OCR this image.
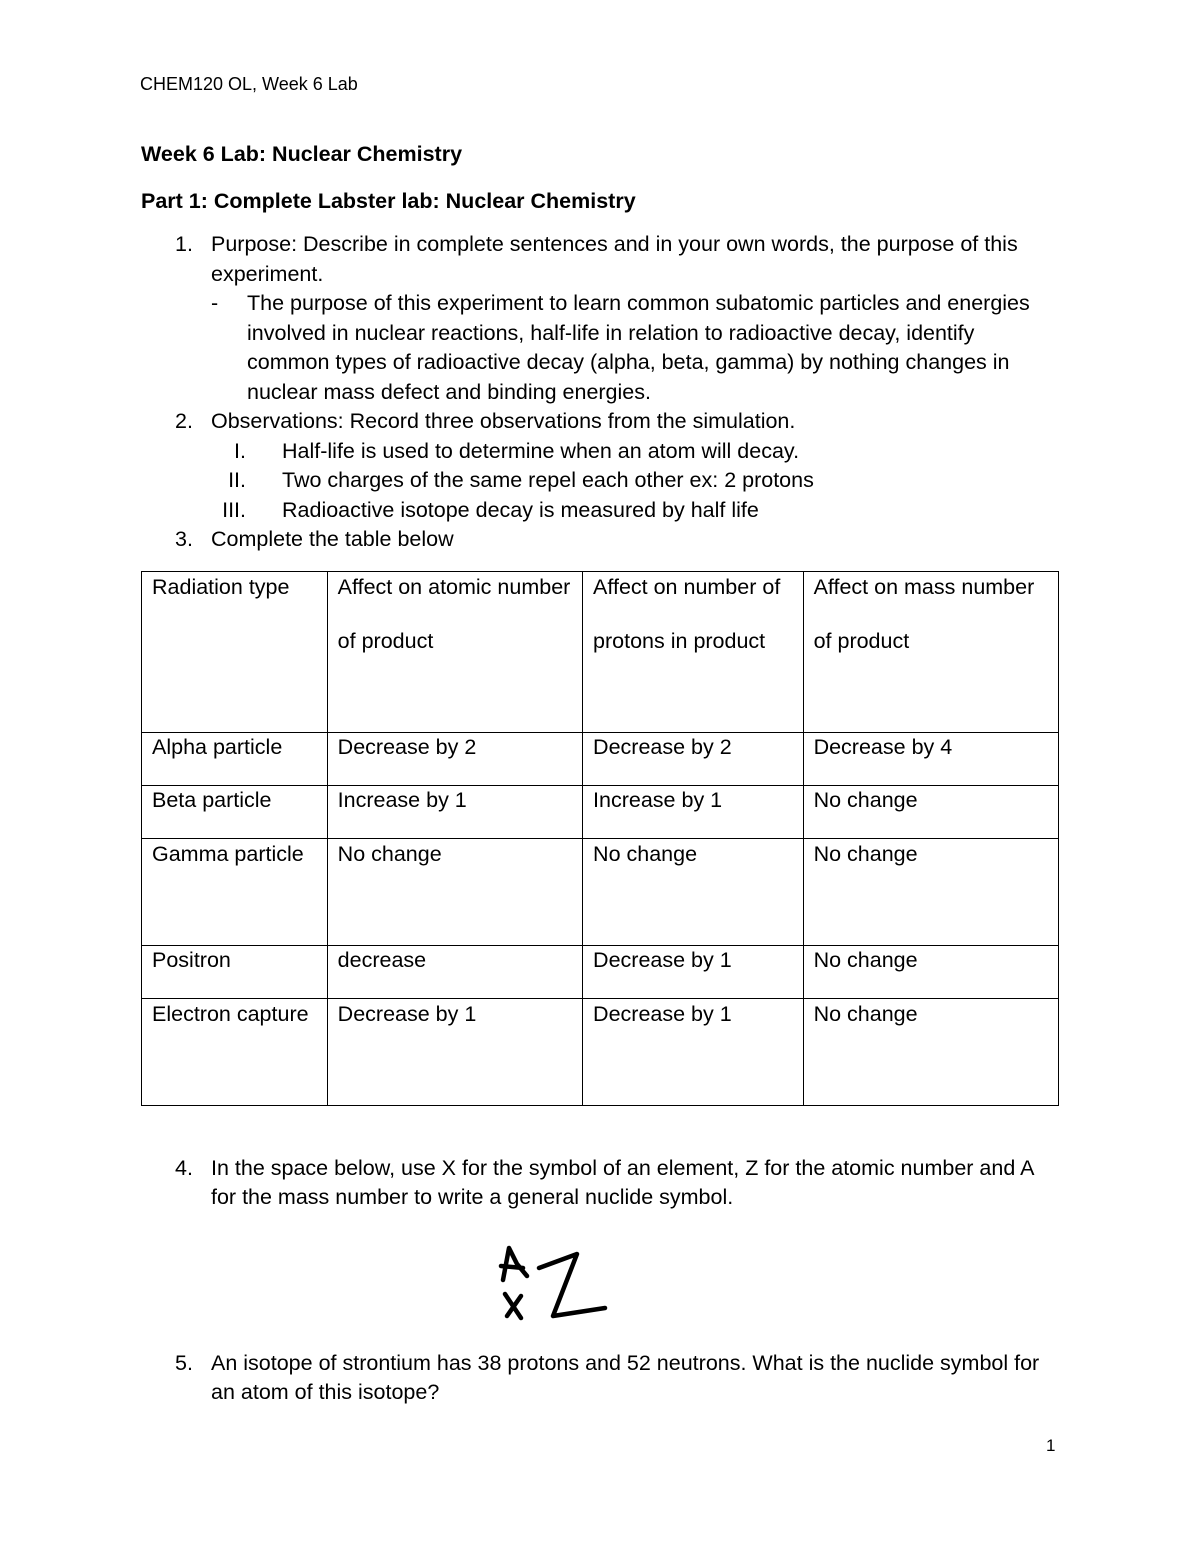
CHEM120 OL, Week 6 Lab
Week 6 Lab: Nuclear Chemistry
Part 1: Complete Labster lab: Nuclear Chemistry
1. Purpose: Describe in complete sentences and in your own words, the purpose of this experiment.
- The purpose of this experiment to learn common subatomic particles and energies involved in nuclear reactions, half-life in relation to radioactive decay, identify common types of radioactive decay (alpha, beta, gamma) by nothing changes in nuclear mass defect and binding energies.
2. Observations: Record three observations from the simulation.
I. Half-life is used to determine when an atom will decay.
II. Two charges of the same repel each other ex: 2 protons
III. Radioactive isotope decay is measured by half life
3. Complete the table below
Radiation type	Affect on atomic number of product	Affect on number of protons in product	Affect on mass number of product

Alpha particle	Decrease by 2	Decrease by 2	Decrease by 4

Beta particle	Increase by 1	Increase by 1	No change

Gamma particle	No change	No change	No change

Positron	decrease	Decrease by 1	No change

Electron capture	Decrease by 1	Decrease by 1	No change
4. In the space below, use X for the symbol of an element, Z for the atomic number and A for the mass number to write a general nuclide symbol.
5. An isotope of strontium has 38 protons and 52 neutrons. What is the nuclide symbol for an atom of this isotope?
1
